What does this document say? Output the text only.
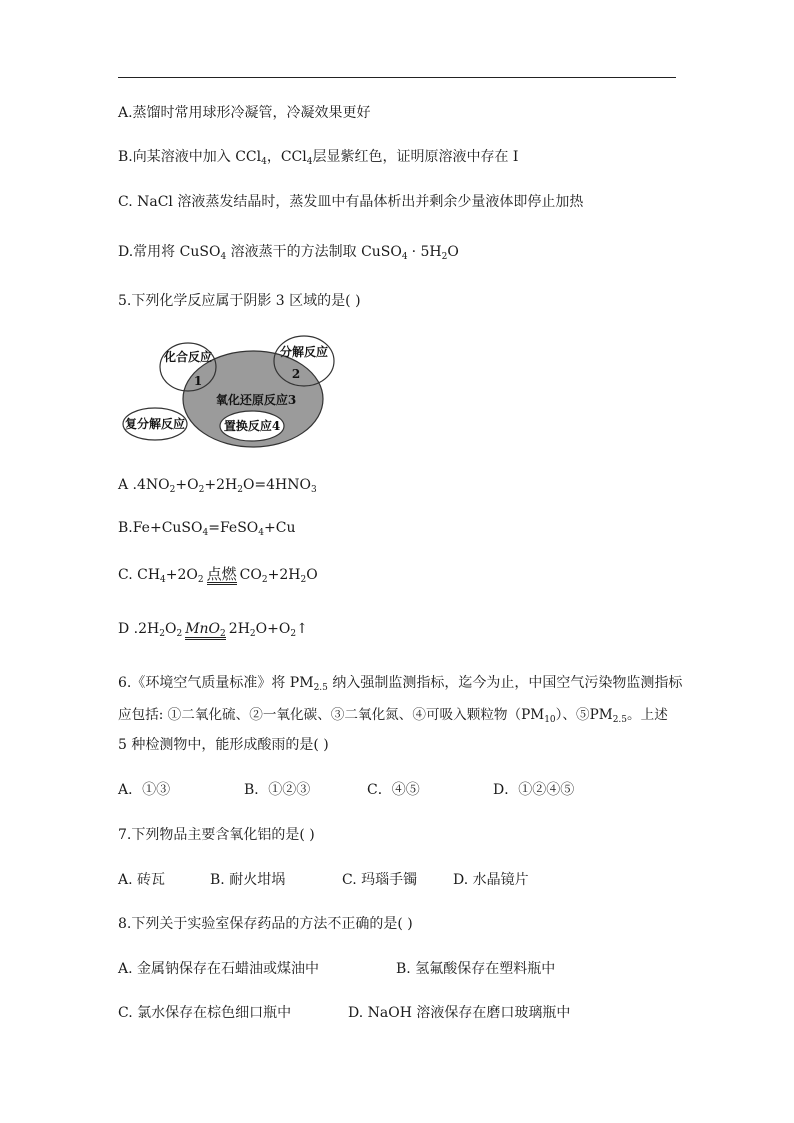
A.蒸馏时常用球形冷凝管，冷凝效果更好
B.向某溶液中加入 CCl$_4$，CCl$_4$层显紫红色，证明原溶液中存在 I
C. NaCl 溶液蒸发结晶时，蒸发皿中有晶体析出并剩余少量液体即停止加热
D.常用将 CuSO$_4$ 溶液蒸干的方法制取 CuSO$_4$ · $5H_2O$
5.下列化学反应属于阴影 3 区域的是( )
化合反应	分解反应
氧化还原反应3
复分解反应	置换反应4
1	2
A $.4NO_2+O_2+2H_2O=4HNO_3$
B.Fe+CuSO$_4$=FeSO$_4$+Cu
C. $CH_4+2O_2$ 点燃 $CO_2+2H_2O$
D $.2H_2O_2$ MnO$_2$ $2H_2O+O_2↑$
6.《环境空气质量标准》将 $PM_{2.5}$ 纳入强制监测指标，迄今为止，中国空气污染物监测指标
应包括: ①二氧化硫、②一氧化碳、③二氧化氮、④可吸入颗粒物$(PM_{10})$、$⑤PM_{2.5}$。上述
5 种检测物中，能形成酸雨的是( )
A．①③	B．①②③	C．④⑤	D．①②④⑤
7.下列物品主要含氧化铝的是( )
A. 砖瓦	B. 耐火坩埚	C. 玛瑙手镯	D. 水晶镜片
8.下列关于实验室保存药品的方法不正确的是( )
A. 金属钠保存在石蜡油或煤油中	B. 氢氟酸保存在塑料瓶中
C. 氯水保存在棕色细口瓶中	D. NaOH 溶液保存在磨口玻璃瓶中
